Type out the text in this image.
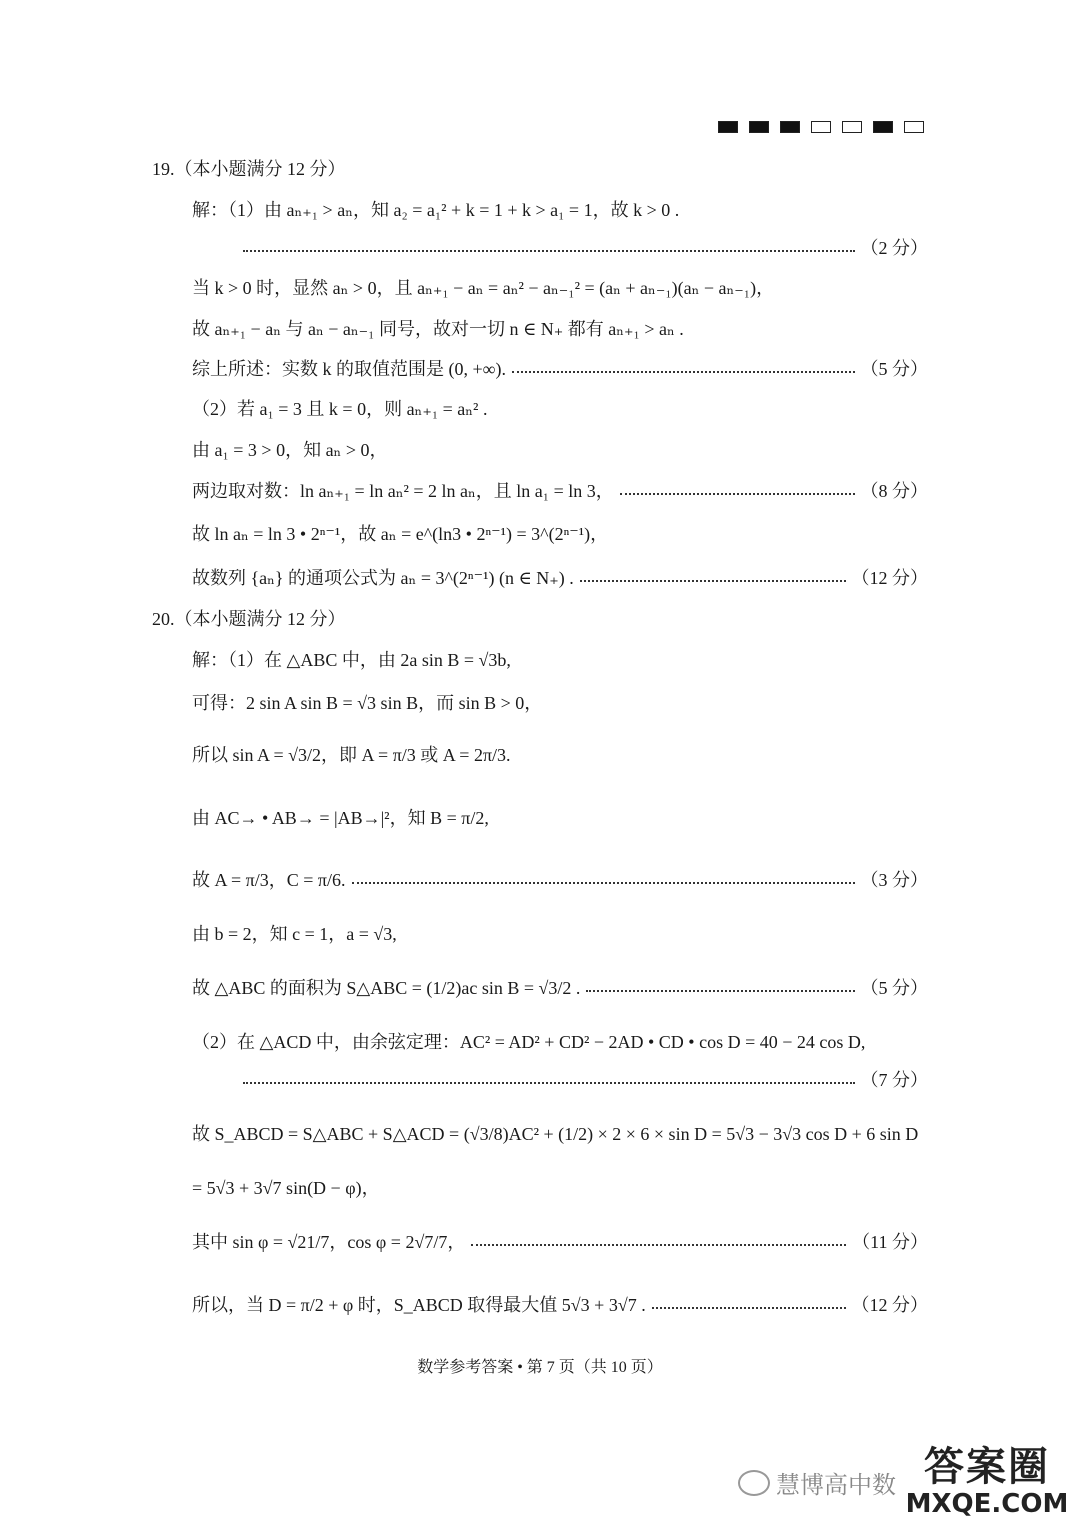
19.（本小题满分 12 分）
解：（1）由 aₙ₊₁ > aₙ，知 a₂ = a₁² + k = 1 + k > a₁ = 1，故 k > 0 .
（2 分）
当 k > 0 时，显然 aₙ > 0，且 aₙ₊₁ − aₙ = aₙ² − aₙ₋₁² = (aₙ + aₙ₋₁)(aₙ − aₙ₋₁)，
故 aₙ₊₁ − aₙ 与 aₙ − aₙ₋₁ 同号，故对一切 n ∈ N₊ 都有 aₙ₊₁ > aₙ .
综上所述：实数 k 的取值范围是 (0, +∞).	（5 分）
（2）若 a₁ = 3 且 k = 0，则 aₙ₊₁ = aₙ² .
由 a₁ = 3 > 0，知 aₙ > 0，
两边取对数：ln aₙ₊₁ = ln aₙ² = 2 ln aₙ，且 ln a₁ = ln 3，	（8 分）
故 ln aₙ = ln 3 • 2ⁿ⁻¹，故 aₙ = e^(ln3 • 2ⁿ⁻¹) = 3^(2ⁿ⁻¹)，
故数列 {aₙ} 的通项公式为 aₙ = 3^(2ⁿ⁻¹) (n ∈ N₊) .	（12 分）
20.（本小题满分 12 分）
解：（1）在 △ABC 中，由 2a sin B = √3b,
可得：2 sin A sin B = √3 sin B，而 sin B > 0，
所以 sin A = √3/2，即 A = π/3 或 A = 2π/3.
由 AC→ • AB→ = |AB→|²，知 B = π/2,
故 A = π/3，C = π/6.	（3 分）
由 b = 2，知 c = 1，a = √3,
故 △ABC 的面积为 S△ABC = (1/2)ac sin B = √3/2 .	（5 分）
（2）在 △ACD 中，由余弦定理：AC² = AD² + CD² − 2AD • CD • cos D = 40 − 24 cos D,
（7 分）
故 S_ABCD = S△ABC + S△ACD = (√3/8)AC² + (1/2) × 2 × 6 × sin D = 5√3 − 3√3 cos D + 6 sin D
= 5√3 + 3√7 sin(D − φ)，
其中 sin φ = √21/7，cos φ = 2√7/7，	（11 分）
所以，当 D = π/2 + φ 时，S_ABCD 取得最大值 5√3 + 3√7 .	（12 分）
数学参考答案 • 第 7 页（共 10 页）
慧博高中数 答案圈
MXQE.COM
